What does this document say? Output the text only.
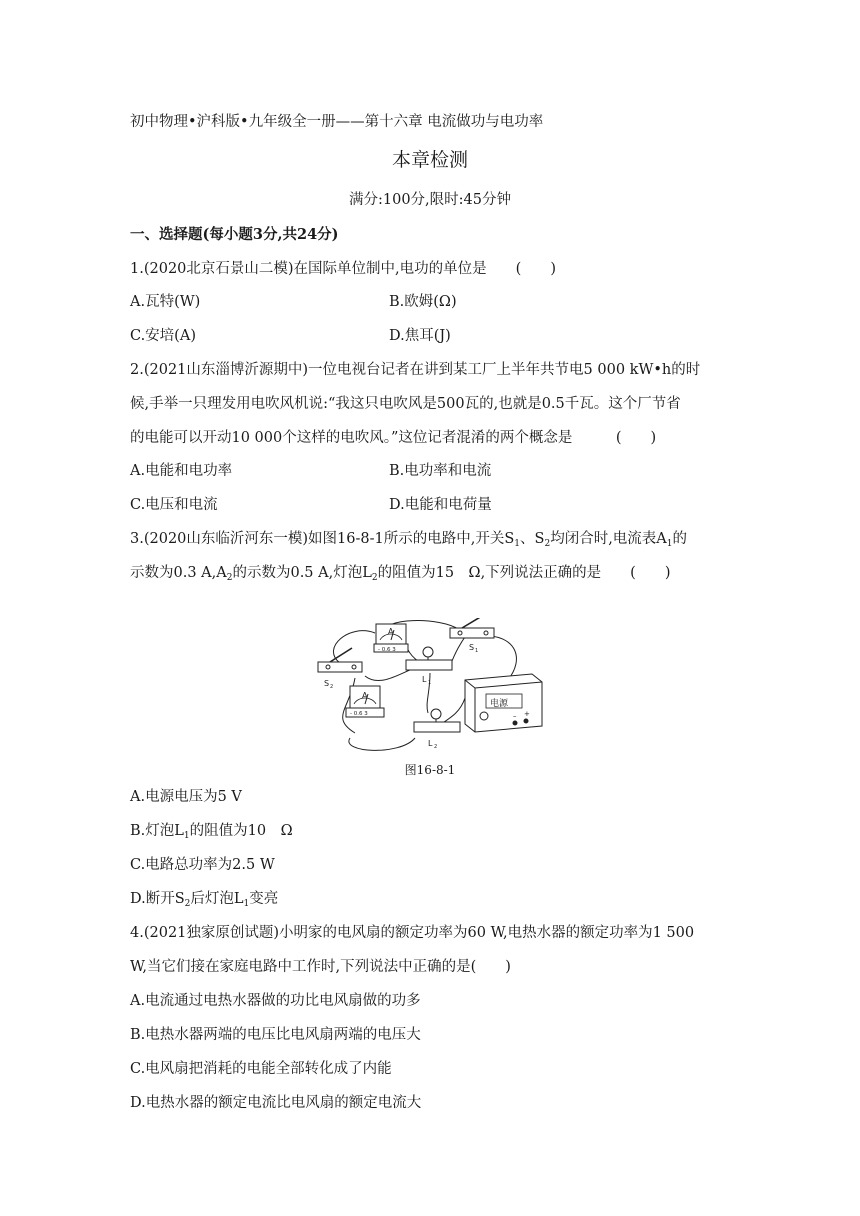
初中物理•沪科版•九年级全一册——第十六章 电流做功与电功率
本章检测
满分:100分,限时:45分钟
一、选择题(每小题3分,共24分)
1.(2020北京石景山二模)在国际单位制中,电功的单位是　　(　　)
A.瓦特(W)	B.欧姆(Ω)
C.安培(A)	D.焦耳(J)
2.(2021山东淄博沂源期中)一位电视台记者在讲到某工厂上半年共节电5 000 kW•h的时
候,手举一只理发用电吹风机说:“我这只电吹风是500瓦的,也就是0.5千瓦。这个厂节省
的电能可以开动10 000个这样的电吹风。”这位记者混淆的两个概念是　　　(　　)
A.电能和电功率	B.电功率和电流
C.电压和电流	D.电能和电荷量
3.(2020山东临沂河东一模)如图16-8-1所示的电路中,开关$S_1$、$S_2$均闭合时,电流表$A_1$的
示数为0.3 $A,A_2$的示数为0.5 A,灯泡$L_2$的阻值为15　Ω,下列说法正确的是　　(　　)
A
- 0.6 3	S 1
S 2
L 1
A
- 0.6 3
L 2
电源
– +
图16-8-1
A.电源电压为5 V
B.灯泡$L_1$的阻值为10　Ω
C.电路总功率为2.5 W
D.断开$S_2$后灯泡$L_1$变亮
4.(2021独家原创试题)小明家的电风扇的额定功率为60 W,电热水器的额定功率为1 500
W,当它们接在家庭电路中工作时,下列说法中正确的是(　　)
A.电流通过电热水器做的功比电风扇做的功多
B.电热水器两端的电压比电风扇两端的电压大
C.电风扇把消耗的电能全部转化成了内能
D.电热水器的额定电流比电风扇的额定电流大
